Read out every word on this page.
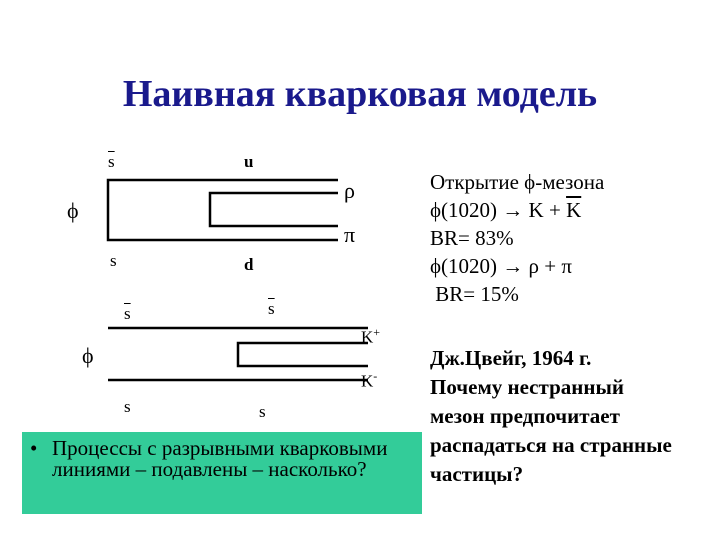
Наивная кварковая модель
$\overline{s}$	u
ϕ
ρ
π
s	d
$\overline{s}$	$\overline{s}$
K+
ϕ
K-
s	s
Открытие ϕ-мезона
$\phi(1020) \to K + \overline{K}$
BR= 83%
ϕ(1020) → ρ + π
BR= 15%
Дж.Цвейг, 1964 г.
Почему нестранный
мезон предпочитает
распадаться на странные
частицы?
• Процессы с разрывными кварковыми линиями – подавлены – насколько?
